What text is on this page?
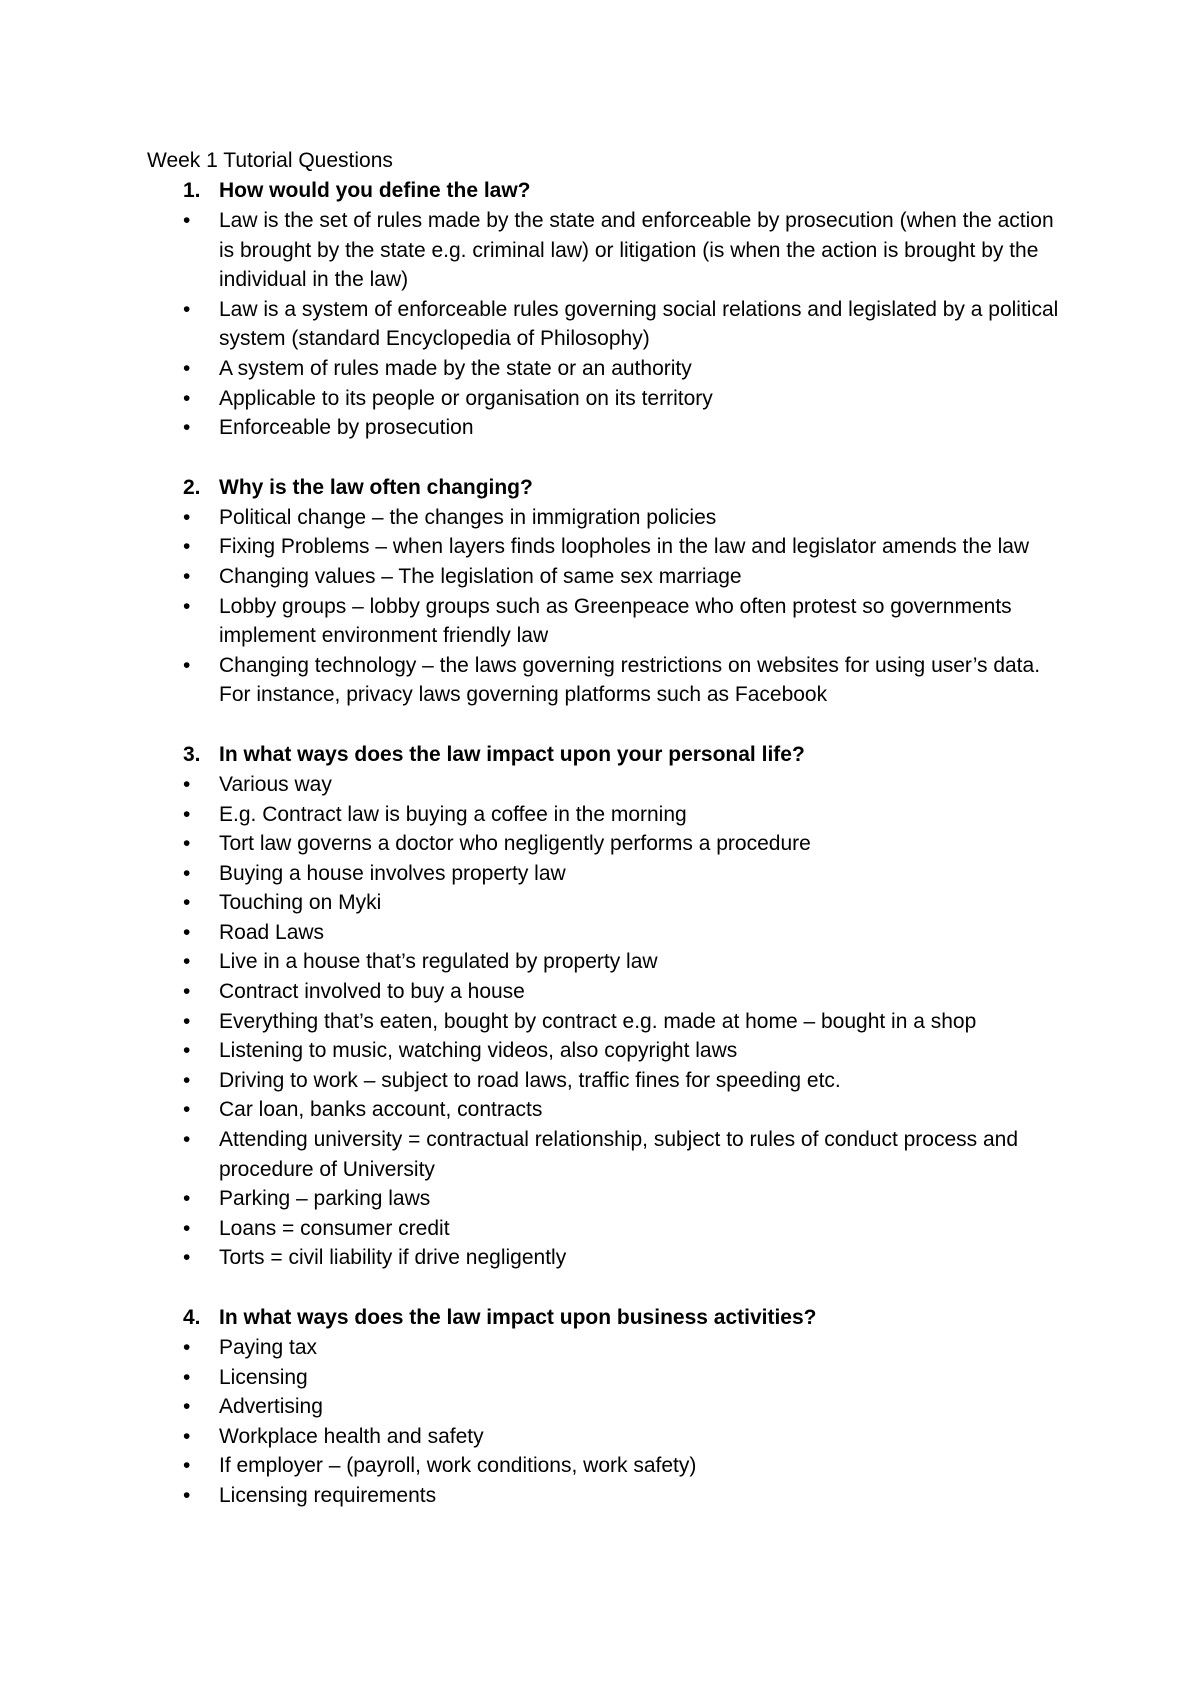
Week 1 Tutorial Questions

1. How would you define the law?
•	Law is the set of rules made by the state and enforceable by prosecution (when the action is brought by the state e.g. criminal law) or litigation (is when the action is brought by the individual in the law)
•	Law is a system of enforceable rules governing social relations and legislated by a political system (standard Encyclopedia of Philosophy)
•	A system of rules made by the state or an authority
•	Applicable to its people or organisation on its territory
•	Enforceable by prosecution
2. Why is the law often changing?
•	Political change – the changes in immigration policies
•	Fixing Problems – when layers finds loopholes in the law and legislator amends the law
•	Changing values – The legislation of same sex marriage
•	Lobby groups – lobby groups such as Greenpeace who often protest so governments implement environment friendly law
•	Changing technology – the laws governing restrictions on websites for using user’s data. For instance, privacy laws governing platforms such as Facebook
3. In what ways does the law impact upon your personal life?
•	Various way
•	E.g. Contract law is buying a coffee in the morning
•	Tort law governs a doctor who negligently performs a procedure
•	Buying a house involves property law
•	Touching on Myki
•	Road Laws
•	Live in a house that’s regulated by property law
•	Contract involved to buy a house
•	Everything that’s eaten, bought by contract e.g. made at home – bought in a shop
•	Listening to music, watching videos, also copyright laws
•	Driving to work – subject to road laws, traffic fines for speeding etc.
•	Car loan, banks account, contracts
•	Attending university = contractual relationship, subject to rules of conduct process and procedure of University
•	Parking – parking laws
•	Loans = consumer credit
•	Torts = civil liability if drive negligently
4. In what ways does the law impact upon business activities?
•	Paying tax
•	Licensing
•	Advertising
•	Workplace health and safety
•	If employer – (payroll, work conditions, work safety)
•	Licensing requirements
